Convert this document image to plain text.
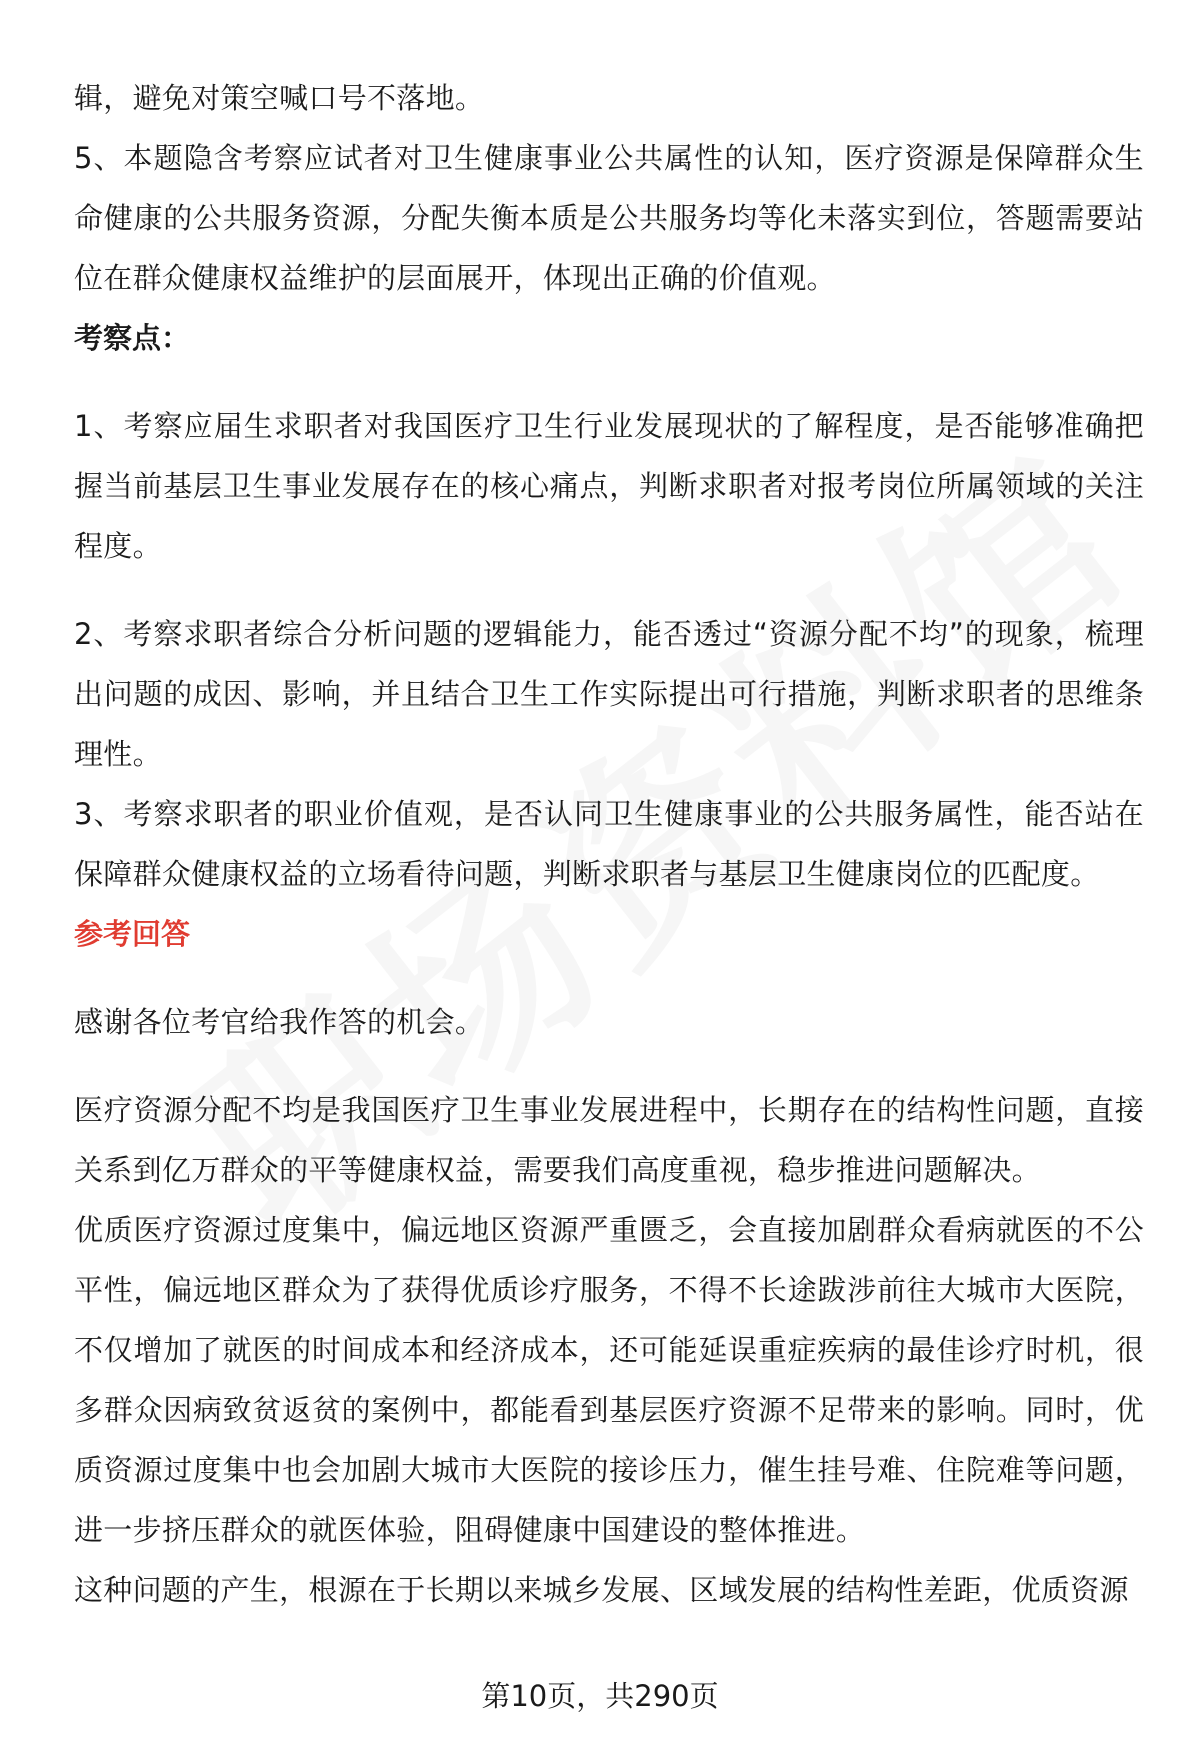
辑，避免对策空喊口号不落地。

5、本题隐含考察应试者对卫生健康事业公共属性的认知，医疗资源是保障群众生命健康的公共服务资源，分配失衡本质是公共服务均等化未落实到位，答题需要站位在群众健康权益维护的层面展开，体现出正确的价值观。

考察点：

1、考察应届生求职者对我国医疗卫生行业发展现状的了解程度，是否能够准确把握当前基层卫生事业发展存在的核心痛点，判断求职者对报考岗位所属领域的关注程度。

2、考察求职者综合分析问题的逻辑能力，能否透过“资源分配不均”的现象，梳理出问题的成因、影响，并且结合卫生工作实际提出可行措施，判断求职者的思维条理性。

3、考察求职者的职业价值观，是否认同卫生健康事业的公共服务属性，能否站在保障群众健康权益的立场看待问题，判断求职者与基层卫生健康岗位的匹配度。

参考回答

感谢各位考官给我作答的机会。

医疗资源分配不均是我国医疗卫生事业发展进程中，长期存在的结构性问题，直接关系到亿万群众的平等健康权益，需要我们高度重视，稳步推进问题解决。

优质医疗资源过度集中，偏远地区资源严重匮乏，会直接加剧群众看病就医的不公平性，偏远地区群众为了获得优质诊疗服务，不得不长途跋涉前往大城市大医院，不仅增加了就医的时间成本和经济成本，还可能延误重症疾病的最佳诊疗时机，很多群众因病致贫返贫的案例中，都能看到基层医疗资源不足带来的影响。同时，优质资源过度集中也会加剧大城市大医院的接诊压力，催生挂号难、住院难等问题，进一步挤压群众的就医体验，阻碍健康中国建设的整体推进。

这种问题的产生，根源在于长期以来城乡发展、区域发展的结构性差距，优质资源

第10页，共290页
